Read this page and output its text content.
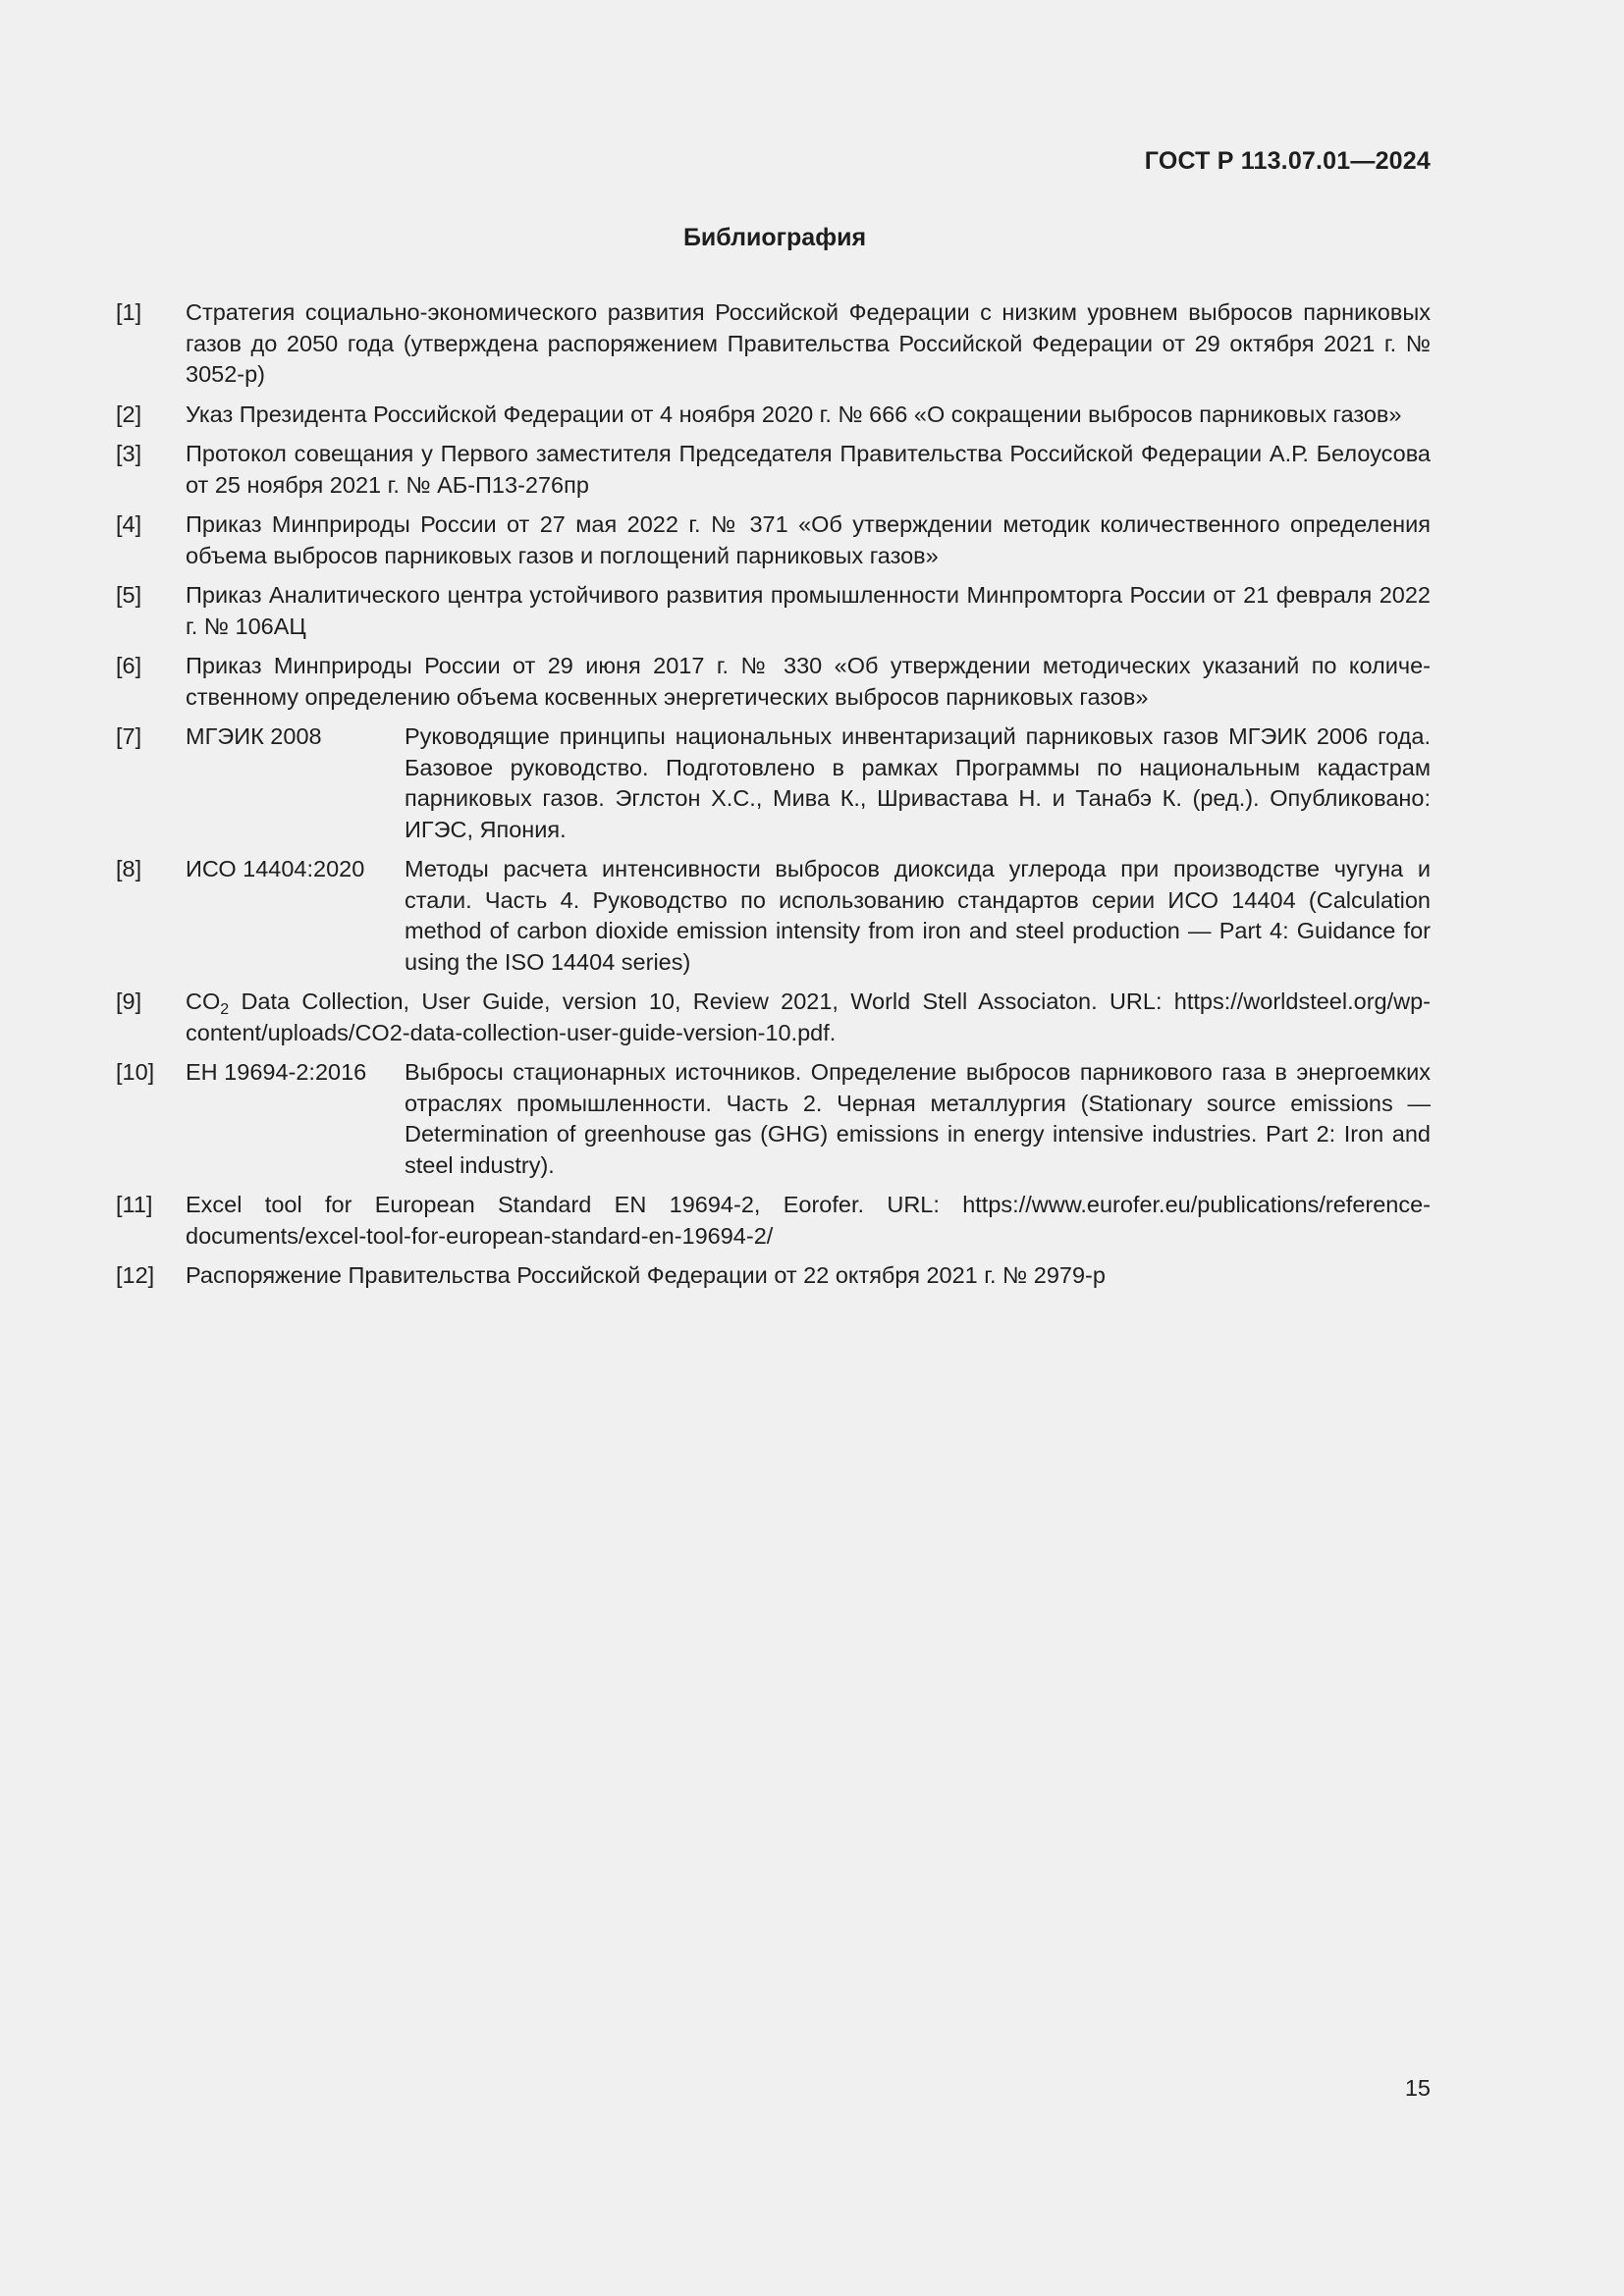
ГОСТ Р 113.07.01—2024
Библиография
[1]	Стратегия социально-экономического развития Российской Федерации с низким уровнем выбросов парниковых газов до 2050 года (утверждена распоряжением Правительства Российской Федерации от 29 октября 2021 г. № 3052-р)
[2]	Указ Президента Российской Федерации от 4 ноября 2020 г. № 666 «О сокращении выбросов парниковых газов»
[3]	Протокол совещания у Первого заместителя Председателя Правительства Российской Федерации А.Р. Белоусова от 25 ноября 2021 г. № АБ-П13-276пр
[4]	Приказ Минприроды России от 27 мая 2022 г. № 371 «Об утверждении методик количественного определения объема выбросов парниковых газов и поглощений парниковых газов»
[5]	Приказ Аналитического центра устойчивого развития промышленности Минпромторга России от 21 февраля 2022 г. № 106АЦ
[6]	Приказ Минприроды России от 29 июня 2017 г. № 330 «Об утверждении методических указаний по количественному определению объема косвенных энергетических выбросов парниковых газов»
[7]	МГЭИК 2008	Руководящие принципы национальных инвентаризаций парниковых газов МГЭИК 2006 года. Базовое руководство. Подготовлено в рамках Программы по национальным кадастрам парниковых газов. Эглстон Х.С., Мива К., Шривастава Н. и Танабэ К. (ред.). Опубликовано: ИГЭС, Япония.
[8]	ИСО 14404:2020	Методы расчета интенсивности выбросов диоксида углерода при производстве чугуна и стали. Часть 4. Руководство по использованию стандартов серии ИСО 14404 (Calculation method of carbon dioxide emission intensity from iron and steel production — Part 4: Guidance for using the ISO 14404 series)
[9]	$CO_2$ Data Collection, User Guide, version 10, Review 2021, World Stell Associaton. URL: https://worldsteel.org/​wp-content/uploads/CO2-data-collection-user-guide-version-10.pdf.
[10]	ЕН 19694-2:2016	Выбросы стационарных источников. Определение выбросов парникового газа в энергоемких отраслях промышленности. Часть 2. Черная металлургия (Stationary source emissions — Determination of greenhouse gas (GHG) emissions in energy intensive industries. Part 2: Iron and steel industry).
[11]	Excel tool for European Standard EN 19694-2, Eorofer. URL: https://www.eurofer.eu/publications/reference-​documents/excel-tool-for-european-standard-en-19694-2/
[12]	Распоряжение Правительства Российской Федерации от 22 октября 2021 г. № 2979-р
15
